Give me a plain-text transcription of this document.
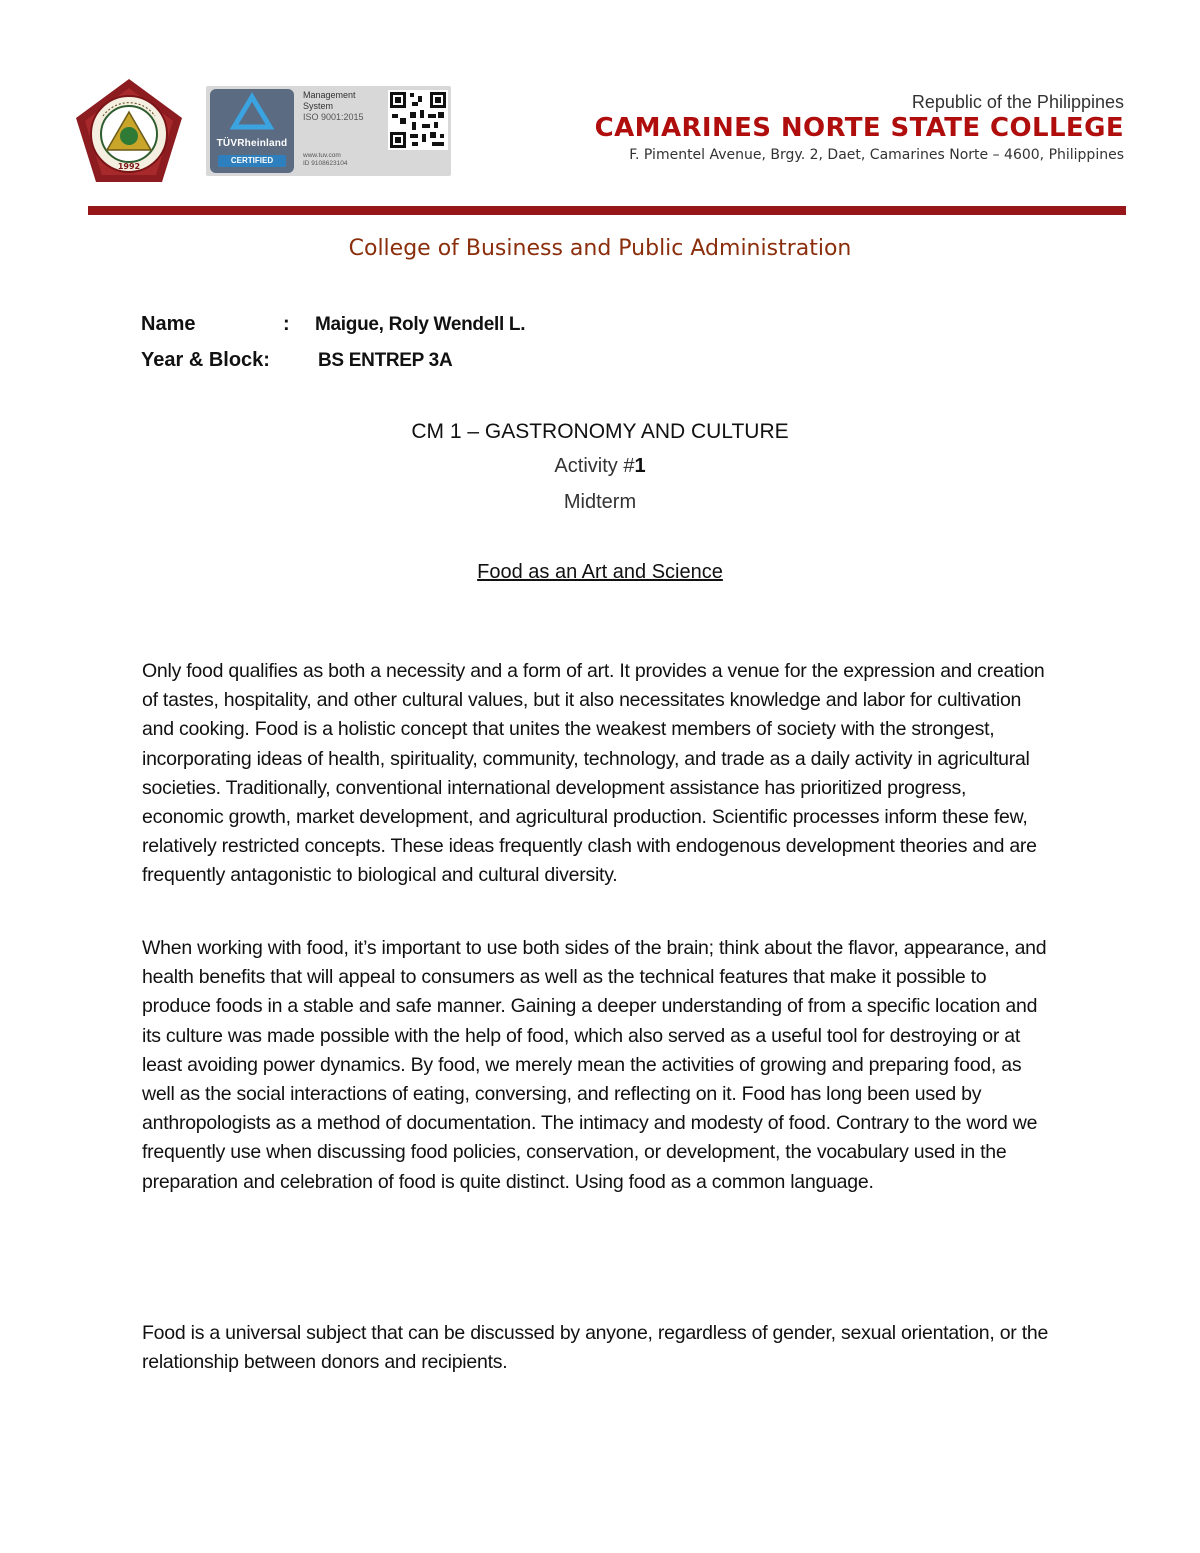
1992
TÜVRheinland
CERTIFIED
Management
System
ISO 9001:2015
www.tuv.com
ID 9108623104
Republic of the Philippines
CAMARINES NORTE STATE COLLEGE
F. Pimentel Avenue, Brgy. 2, Daet, Camarines Norte – 4600, Philippines
College of Business and Public Administration
Name	: Maigue, Roly Wendell L.
Year & Block:	BS ENTREP 3A
CM 1 – GASTRONOMY AND CULTURE
Activity #1
Midterm
Food as an Art and Science
Only food qualifies as both a necessity and a form of art. It provides a venue for the expression and creation of tastes, hospitality, and other cultural values, but it also necessitates knowledge and labor for cultivation and cooking. Food is a holistic concept that unites the weakest members of society with the strongest, incorporating ideas of health, spirituality, community, technology, and trade as a daily activity in agricultural societies. Traditionally, conventional international development assistance has prioritized progress, economic growth, market development, and agricultural production. Scientific processes inform these few, relatively restricted concepts. These ideas frequently clash with endogenous development theories and are frequently antagonistic to biological and cultural diversity.
When working with food, it’s important to use both sides of the brain; think about the flavor, appearance, and health benefits that will appeal to consumers as well as the technical features that make it possible to produce foods in a stable and safe manner. Gaining a deeper understanding of from a specific location and its culture was made possible with the help of food, which also served as a useful tool for destroying or at least avoiding power dynamics. By food, we merely mean the activities of growing and preparing food, as well as the social interactions of eating, conversing, and reflecting on it. Food has long been used by anthropologists as a method of documentation. The intimacy and modesty of food. Contrary to the word we frequently use when discussing food policies, conservation, or development, the vocabulary used in the preparation and celebration of food is quite distinct. Using food as a common language.
Food is a universal subject that can be discussed by anyone, regardless of gender, sexual orientation, or the relationship between donors and recipients.
